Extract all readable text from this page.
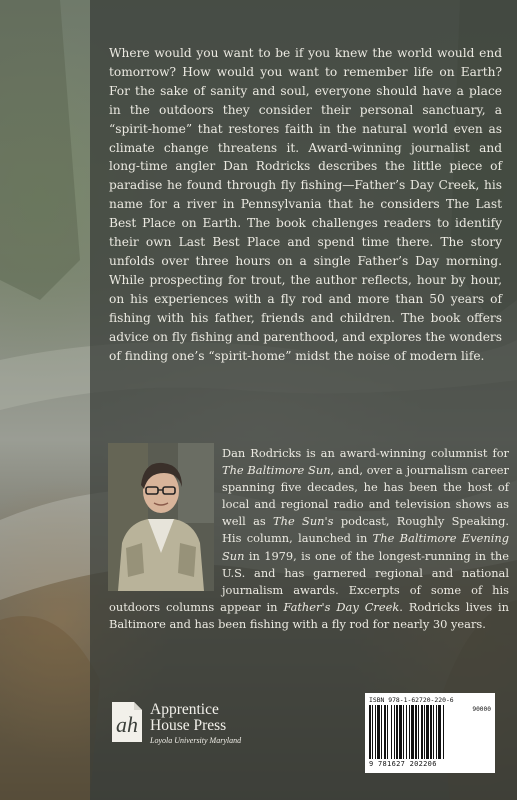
Where would you want to be if you knew the world would end tomorrow? How would you want to remember life on Earth? For the sake of sanity and soul, everyone should have a place in the outdoors they consider their personal sanctuary, a “spirit-home” that restores faith in the natural world even as climate change threatens it. Award-winning journalist and long-time angler Dan Rodricks describes the little piece of paradise he found through fly fishing—Father’s Day Creek, his name for a river in Pennsylvania that he considers The Last Best Place on Earth. The book challenges readers to identify their own Last Best Place and spend time there. The story unfolds over three hours on a single Father’s Day morning. While prospecting for trout, the author reflects, hour by hour, on his experiences with a fly rod and more than 50 years of fishing with his father, friends and children. The book offers advice on fly fishing and parenthood, and explores the wonders of finding one’s “spirit-home” midst the noise of modern life.

Dan Rodricks is an award-winning columnist for The Baltimore Sun, and, over a journalism career spanning five decades, he has been the host of local and regional radio and television shows as well as The Sun's podcast, Roughly Speaking. His column, launched in The Baltimore Evening Sun in 1979, is one of the longest-running in the U.S. and has garnered regional and national journalism awards. Excerpts of some of his outdoors columns appear in Father's Day Creek. Rodricks lives in Baltimore and has been fishing with a fly rod for nearly 30 years.
ah
Apprentice
House Press
Loyola University Maryland
ISBN 978-1-62720-220-6
90000
9 781627 202206
